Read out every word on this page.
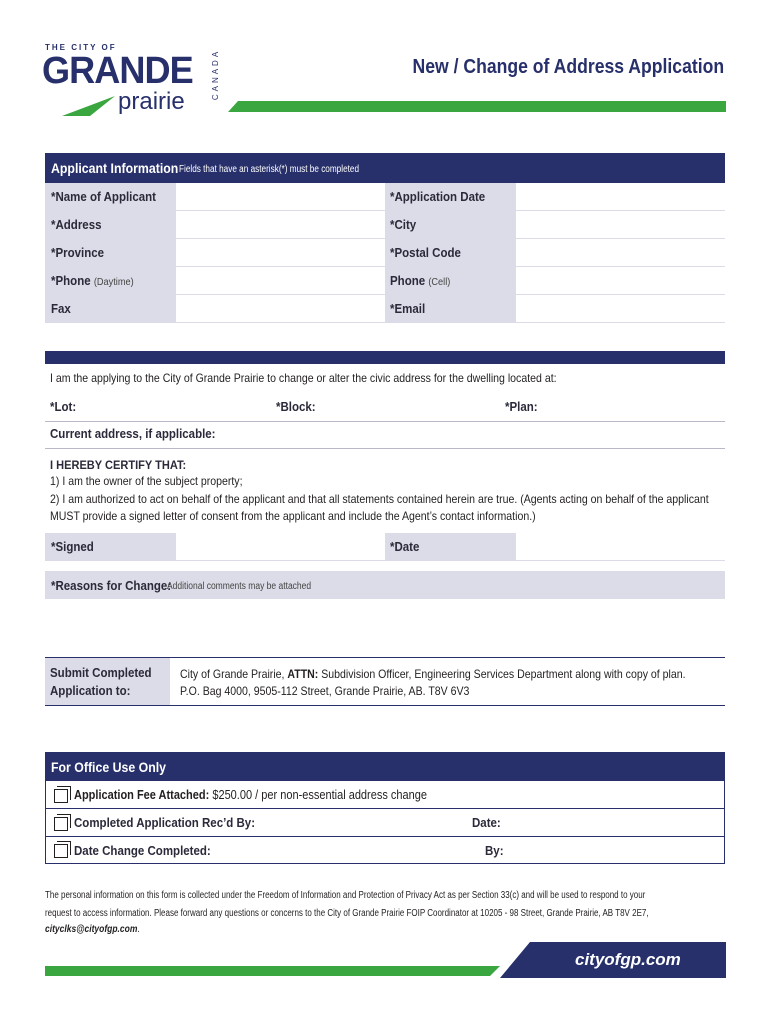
THE CITY OF
GRANDE
prairie
CANADA	New / Change of Address Application
Applicant Information Fields that have an asterisk(*) must be completed
*Name of Applicant	*Application Date
*Address	*City
*Province	*Postal Code
*Phone (Daytime)	Phone (Cell)
Fax	*Email
I am the applying to the City of Grande Prairie to change or alter the civic address for the dwelling located at:
*Lot:	*Block:	*Plan:
Current address, if applicable:
I HEREBY CERTIFY THAT:
1) I am the owner of the subject property;
2) I am authorized to act on behalf of the applicant and that all statements contained herein are true. (Agents acting on behalf of the applicant
MUST provide a signed letter of consent from the applicant and include the Agent’s contact information.)
*Signed	*Date
*Reasons for Change:
Additional comments may be attached
Submit Completed
Application to:
City of Grande Prairie, ATTN: Subdivision Officer, Engineering Services Department along with copy of plan.
P.O. Bag 4000, 9505-112 Street, Grande Prairie, AB. T8V 6V3
For Office Use Only
Application Fee Attached: $250.00 / per non-essential address change
Completed Application Rec’d By:	Date:
Date Change Completed:	By:
The personal information on this form is collected under the Freedom of Information and Protection of Privacy Act as per Section 33(c) and will be used to respond to your
request to access information. Please forward any questions or concerns to the City of Grande Prairie FOIP Coordinator at 10205 - 98 Street, Grande Prairie, AB T8V 2E7,
cityclks@cityofgp.com.
cityofgp.com
